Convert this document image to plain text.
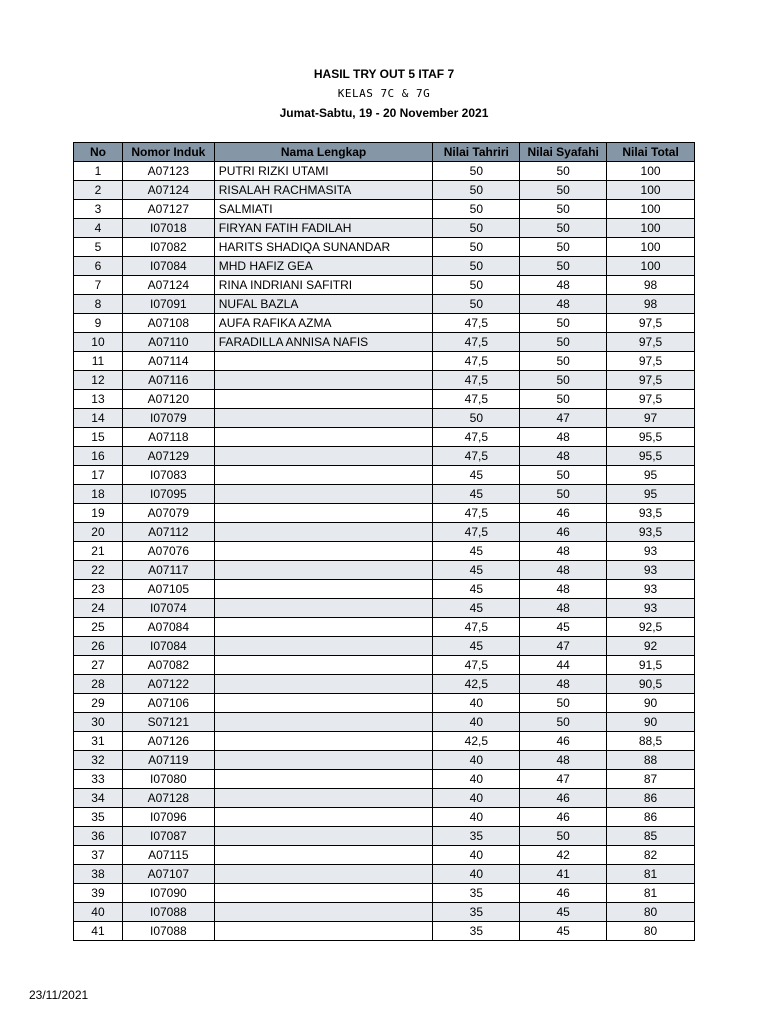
HASIL TRY OUT 5 ITAF 7
KELAS 7C & 7G
Jumat-Sabtu, 19 - 20 November 2021
No	Nomor Induk	Nama Lengkap	Nilai Tahriri	Nilai Syafahi	Nilai Total
1	A07123	PUTRI RIZKI UTAMI	50	50	100
2	A07124	RISALAH RACHMASITA	50	50	100
3	A07127	SALMIATI	50	50	100
4	I07018	FIRYAN FATIH FADILAH	50	50	100
5	I07082	HARITS SHADIQA SUNANDAR	50	50	100
6	I07084	MHD HAFIZ GEA	50	50	100
7	A07124	RINA INDRIANI SAFITRI	50	48	98
8	I07091	NUFAL BAZLA	50	48	98
9	A07108	AUFA RAFIKA AZMA	47,5	50	97,5
10	A07110	FARADILLA ANNISA NAFIS	47,5	50	97,5
11	A07114		47,5	50	97,5
12	A07116		47,5	50	97,5
13	A07120		47,5	50	97,5
14	I07079		50	47	97
15	A07118		47,5	48	95,5
16	A07129		47,5	48	95,5
17	I07083		45	50	95
18	I07095		45	50	95
19	A07079		47,5	46	93,5
20	A07112		47,5	46	93,5
21	A07076		45	48	93
22	A07117		45	48	93
23	A07105		45	48	93
24	I07074		45	48	93
25	A07084		47,5	45	92,5
26	I07084		45	47	92
27	A07082		47,5	44	91,5
28	A07122		42,5	48	90,5
29	A07106		40	50	90
30	S07121		40	50	90
31	A07126		42,5	46	88,5
32	A07119		40	48	88
33	I07080		40	47	87
34	A07128		40	46	86
35	I07096		40	46	86
36	I07087		35	50	85
37	A07115		40	42	82
38	A07107		40	41	81
39	I07090		35	46	81
40	I07088		35	45	80
41	I07088		35	45	80
23/11/2021
